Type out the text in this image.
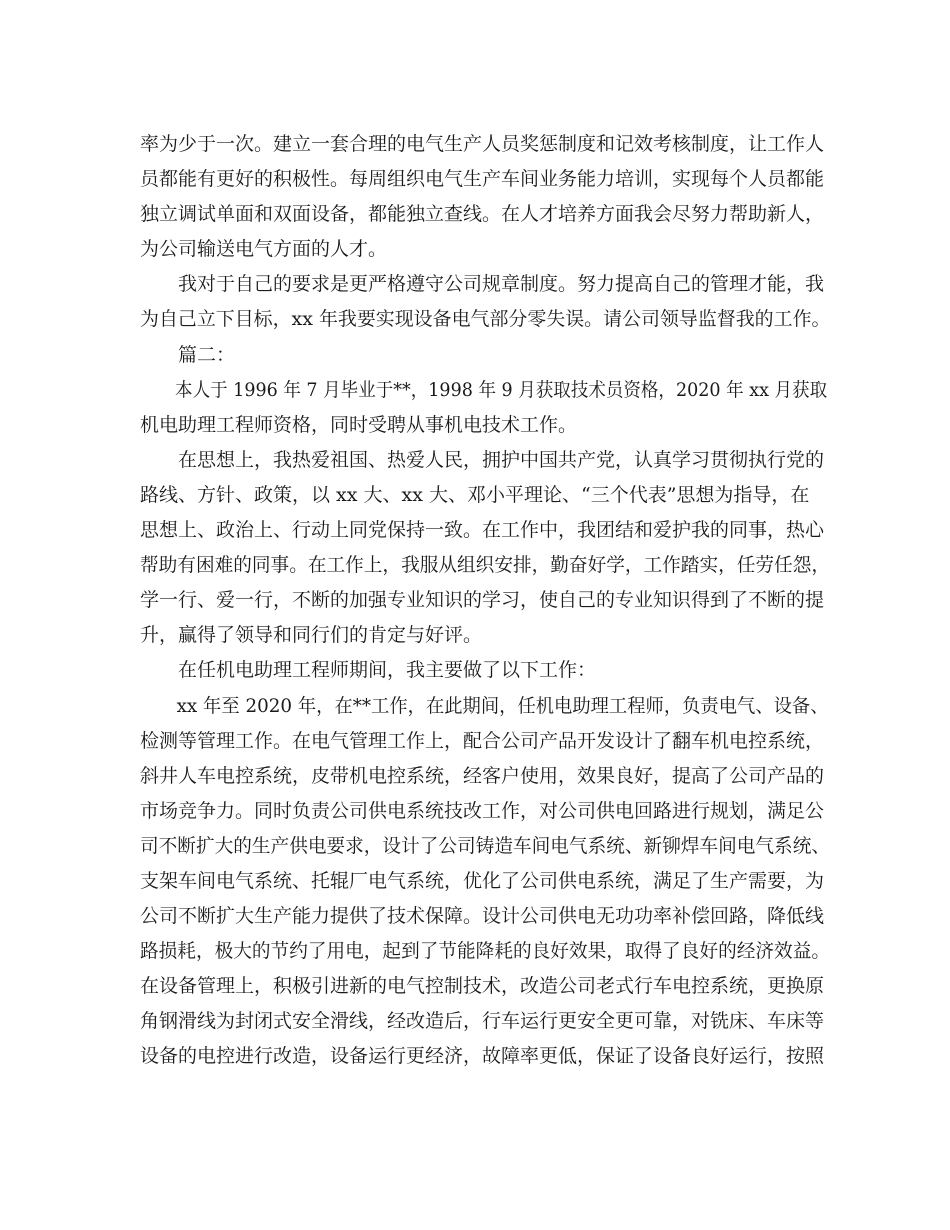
率为少于一次。建立一套合理的电气生产人员奖惩制度和记效考核制度，让工作人
员都能有更好的积极性。每周组织电气生产车间业务能力培训，实现每个人员都能
独立调试单面和双面设备，都能独立查线。在人才培养方面我会尽努力帮助新人，
为公司输送电气方面的人才。
我对于自己的要求是更严格遵守公司规章制度。努力提高自己的管理才能，我
为自己立下目标，xx 年我要实现设备电气部分零失误。请公司领导监督我的工作。
篇二：
本人于 1996 年 7 月毕业于**，1998 年 9 月获取技术员资格，2020 年 xx 月获取
机电助理工程师资格，同时受聘从事机电技术工作。
在思想上，我热爱祖国、热爱人民，拥护中国共产党，认真学习贯彻执行党的
路线、方针、政策，以 xx 大、xx 大、邓小平理论、“三个代表”思想为指导，在
思想上、政治上、行动上同党保持一致。在工作中，我团结和爱护我的同事，热心
帮助有困难的同事。在工作上，我服从组织安排，勤奋好学，工作踏实，任劳任怨，
学一行、爱一行，不断的加强专业知识的学习，使自己的专业知识得到了不断的提
升，赢得了领导和同行们的肯定与好评。
在任机电助理工程师期间，我主要做了以下工作：
xx 年至 2020 年，在**工作，在此期间，任机电助理工程师，负责电气、设备、
检测等管理工作。在电气管理工作上，配合公司产品开发设计了翻车机电控系统，
斜井人车电控系统，皮带机电控系统，经客户使用，效果良好，提高了公司产品的
市场竞争力。同时负责公司供电系统技改工作，对公司供电回路进行规划，满足公
司不断扩大的生产供电要求，设计了公司铸造车间电气系统、新铆焊车间电气系统、
支架车间电气系统、托辊厂电气系统，优化了公司供电系统，满足了生产需要，为
公司不断扩大生产能力提供了技术保障。设计公司供电无功功率补偿回路，降低线
路损耗，极大的节约了用电，起到了节能降耗的良好效果，取得了良好的经济效益。
在设备管理上，积极引进新的电气控制技术，改造公司老式行车电控系统，更换原
角钢滑线为封闭式安全滑线，经改造后，行车运行更安全更可靠，对铣床、车床等
设备的电控进行改造，设备运行更经济，故障率更低，保证了设备良好运行，按照
